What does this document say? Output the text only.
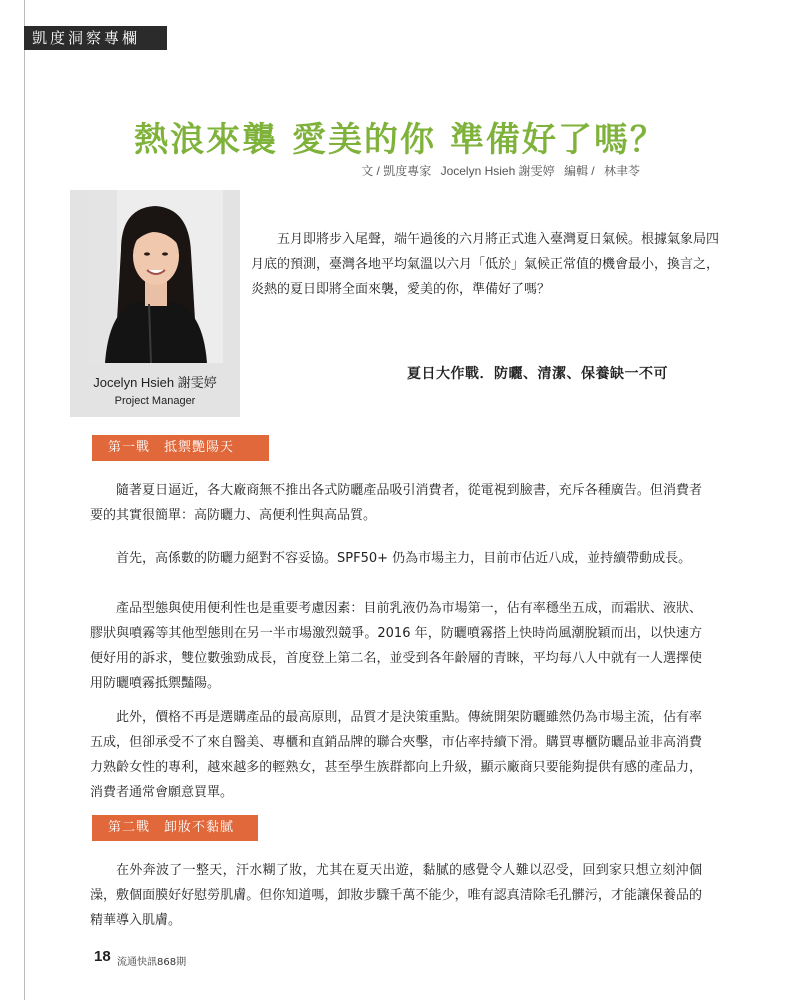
凱度洞察專欄
熱浪來襲 愛美的你 準備好了嗎？
文 / 凱度專家 Jocelyn Hsieh 謝雯婷 編輯 / 林聿苓
Jocelyn Hsieh 謝雯婷
Project Manager

五月即將步入尾聲，端午過後的六月將正式進入臺灣夏日氣候。根據氣象局四月底的預測，臺灣各地平均氣溫以六月「低於」氣候正常值的機會最小，換言之，炎熱的夏日即將全面來襲，愛美的你，準備好了嗎？

夏日大作戰．防曬、清潔、保養缺一不可
第一戰　抵禦艷陽天

隨著夏日逼近，各大廠商無不推出各式防曬產品吸引消費者，從電視到臉書，充斥各種廣告。但消費者要的其實很簡單：高防曬力、高便利性與高品質。

首先，高係數的防曬力絕對不容妥協。SPF50+ 仍為市場主力，目前市佔近八成，並持續帶動成長。

產品型態與使用便利性也是重要考慮因素：目前乳液仍為市場第一，佔有率穩坐五成，而霜狀、液狀、膠狀與噴霧等其他型態則在另一半市場激烈競爭。2016 年，防曬噴霧搭上快時尚風潮脫穎而出，以快速方便好用的訴求，雙位數強勁成長，首度登上第二名，並受到各年齡層的青睞，平均每八人中就有一人選擇使用防曬噴霧抵禦豔陽。

此外，價格不再是選購產品的最高原則，品質才是決策重點。傳統開架防曬雖然仍為市場主流，佔有率五成，但卻承受不了來自醫美、專櫃和直銷品牌的聯合夾擊，市佔率持續下滑。購買專櫃防曬品並非高消費力熟齡女性的專利，越來越多的輕熟女，甚至學生族群都向上升級，顯示廠商只要能夠提供有感的產品力，消費者通常會願意買單。

第二戰　卸妝不黏膩

在外奔波了一整天，汗水糊了妝，尤其在夏天出遊，黏膩的感覺令人難以忍受，回到家只想立刻沖個澡，敷個面膜好好慰勞肌膚。但你知道嗎，卸妝步驟千萬不能少，唯有認真清除毛孔髒污，才能讓保養品的精華導入肌膚。

18 流通快訊868期
